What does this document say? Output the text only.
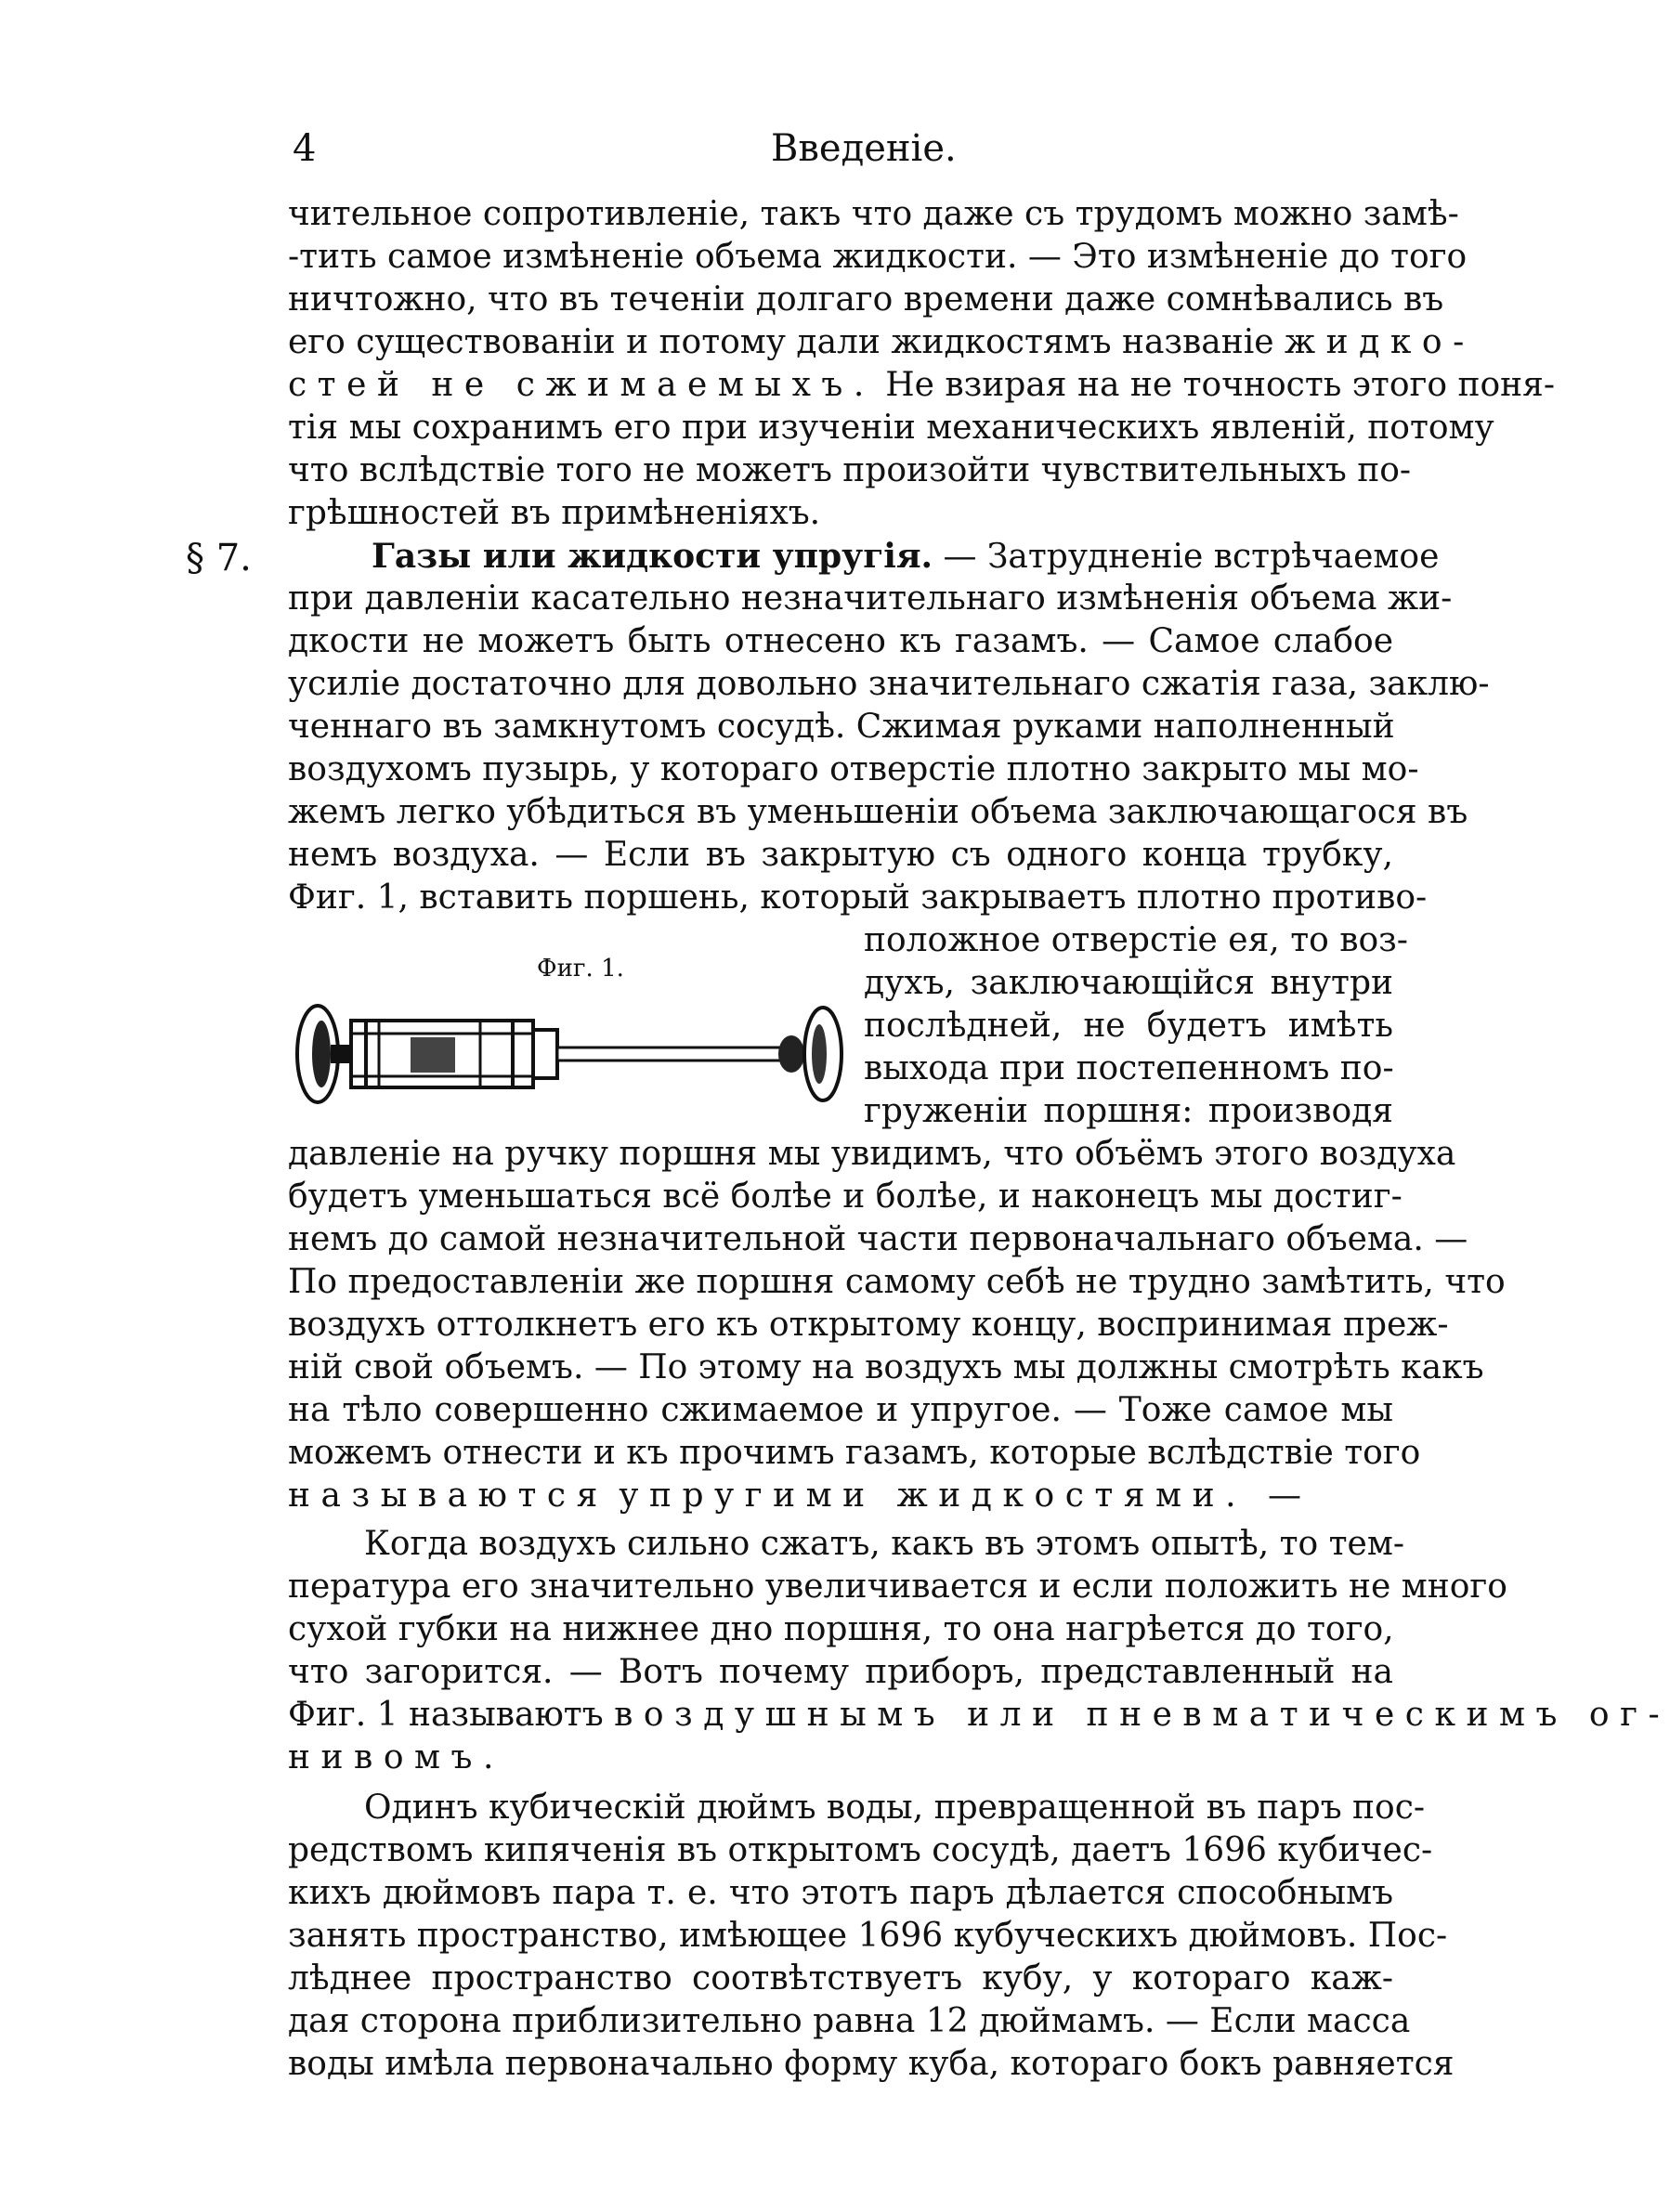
4	Введеніе.
чительное сопротивленіе, такъ что даже съ трудомъ можно замѣ-
-тить самое измѣненіе объема жидкости. — Это измѣненіе до того
ничтожно, что въ теченіи долгаго времени даже сомнѣвались въ
его существованіи и потому дали жидкостямъ названіе жидко-
стей не сжимаемыхъ. Не взирая на не точность этого поня-
тія мы сохранимъ его при изученіи механическихъ явленій, потому
что вслѣдствіе того не можетъ произойти чувствительныхъ по-
грѣшностей въ примѣненіяхъ.
§ 7.	Газы или жидкости упругія. — Затрудненіе встрѣчаемое
при давленіи касательно незначительнаго измѣненія объема жи-
дкости не можетъ быть отнесено къ газамъ. — Самое слабое
усиліе достаточно для довольно значительнаго сжатія газа, заклю-
ченнаго въ замкнутомъ сосудѣ. Сжимая руками наполненный
воздухомъ пузырь, у котораго отверстіе плотно закрыто мы мо-
жемъ легко убѣдиться въ уменьшеніи объема заключающагося въ
немъ воздуха. — Если въ закрытую съ одного конца трубку,
Фиг. 1, вставить поршень, который закрываетъ плотно противо-
положное отверстіе ея, то воз-
духъ, заключающійся внутри
послѣдней, не будетъ имѣть
выхода при постепенномъ по-
груженіи поршня: производя
Фиг. 1.
давленіе на ручку поршня мы увидимъ, что объёмъ этого воздуха
будетъ уменьшаться всё болѣе и болѣе, и наконецъ мы достиг-
немъ до самой незначительной части первоначальнаго объема. —
По предоставленіи же поршня самому себѣ не трудно замѣтить, что
воздухъ оттолкнетъ его къ открытому концу, воспринимая преж-
ній свой объемъ. — По этому на воздухъ мы должны смотрѣть какъ
на тѣло совершенно сжимаемое и упругое. — Тоже самое мы
можемъ отнести и къ прочимъ газамъ, которые вслѣдствіе того
называются упругими жидкостями. —
Когда воздухъ сильно сжатъ, какъ въ этомъ опытѣ, то тем-
пература его значительно увеличивается и если положить не много
сухой губки на нижнее дно поршня, то она нагрѣется до того,
что загорится. — Вотъ почему приборъ, представленный на
Фиг. 1 называютъ воздушнымъ или пневматическимъ ог-
нивомъ.
Одинъ кубическій дюймъ воды, превращенной въ паръ пос-
редствомъ кипяченія въ открытомъ сосудѣ, даетъ 1696 кубичес-
кихъ дюймовъ пара т. е. что этотъ паръ дѣлается способнымъ
занять пространство, имѣющее 1696 кубуческихъ дюймовъ. Пос-
лѣднее пространство соотвѣтствуетъ кубу, у котораго каж-
дая сторона приблизительно равна 12 дюймамъ. — Если масса
воды имѣла первоначально форму куба, котораго бокъ равняется
